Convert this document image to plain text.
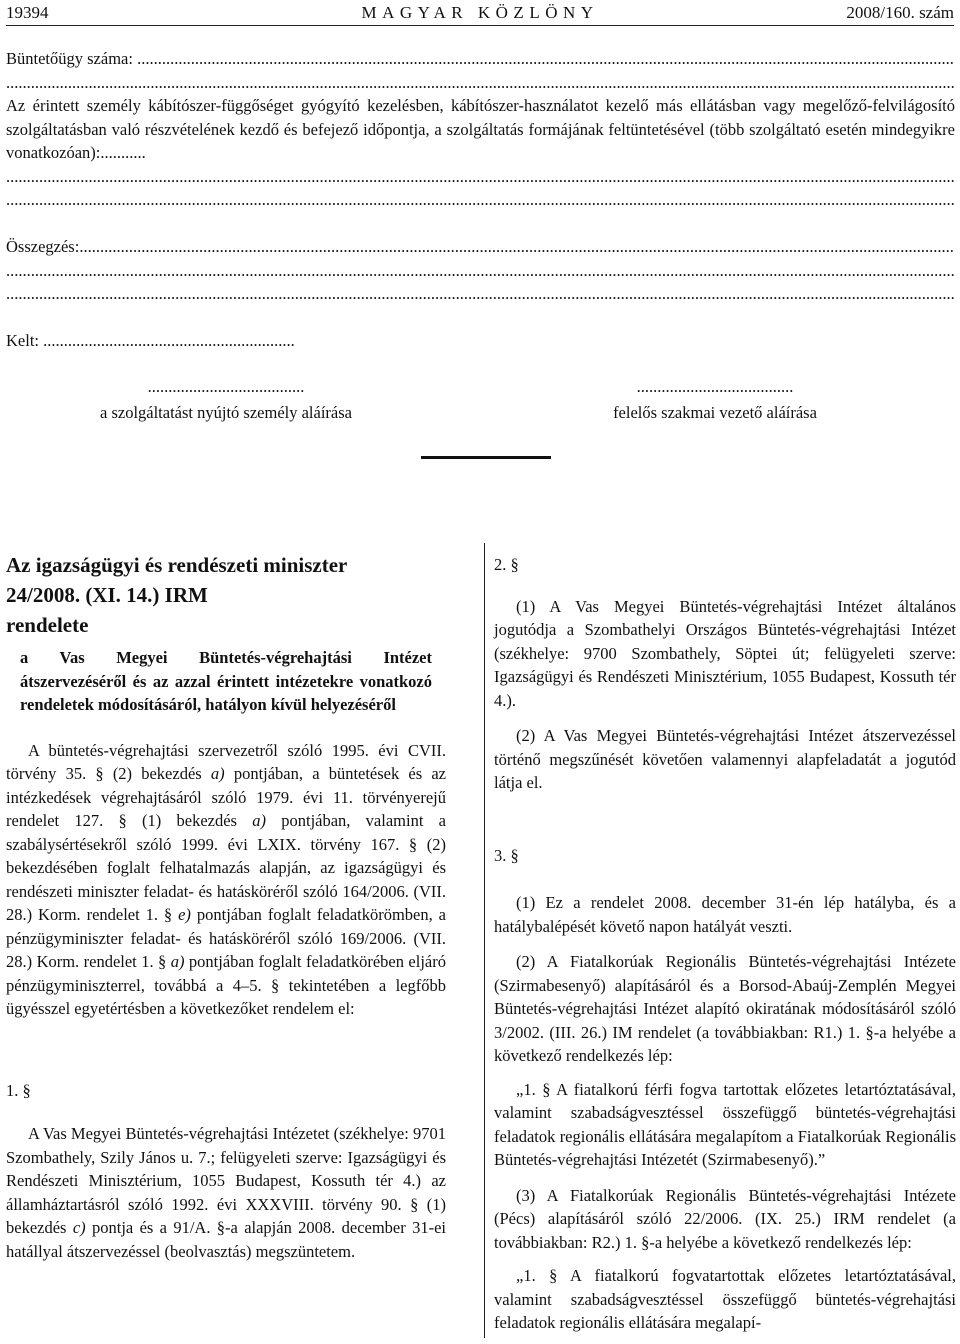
19394	MAGYAR KÖZLÖNY	2008/160. szám
Büntetőügy száma:

.....
.....

Az érintett személy kábítószer-függőséget gyógyító kezelésben, kábítószer-használatot kezelő más ellátásban vagy megelőző-felvilágosító szolgáltatásban való részvételének kezdő és befejező időpontja, a szolgáltatás formájának feltüntetésével (több szolgáltató esetén mindegyikre vonatkozóan):...........

.....
.....
Összegzés:
.....
.....
.....
Kelt:
.............................................................
.....
a szolgáltatást nyújtó személy aláírása
.....	felelős szakmai vezető aláírása

Az igazságügyi és rendészeti miniszter

24/2008. (XI. 14.) IRM

rendelete

a Vas Megyei Büntetés-végrehajtási Intézet átszervezéséről és az azzal érintett intézetekre vonatkozó rendeletek módosításáról, hatályon kívül helyezéséről

A büntetés-végrehajtási szervezetről szóló 1995. évi CVII. törvény 35. § (2) bekezdés a) pontjában, a büntetések és az intézkedések végrehajtásáról szóló 1979. évi 11. törvényerejű rendelet 127. § (1) bekezdés a) pontjában, valamint a szabálysértésekről szóló 1999. évi LXIX. törvény 167. § (2) bekezdésében foglalt felhatalmazás alapján, az igazságügyi és rendészeti miniszter feladat- és hatásköréről szóló 164/2006. (VII. 28.) Korm. rendelet 1. § e) pontjában foglalt feladatkörömben, a pénzügyminiszter feladat- és hatásköréről szóló 169/2006. (VII. 28.) Korm. rendelet 1. § a) pontjában foglalt feladatkörében eljáró pénzügyminiszterrel, továbbá a 4–5. § tekintetében a legfőbb ügyésszel egyetértésben a következőket rendelem el:

1. §

A Vas Megyei Büntetés-végrehajtási Intézetet (székhelye: 9701 Szombathely, Szily János u. 7.; felügyeleti szerve: Igazságügyi és Rendészeti Minisztérium, 1055 Budapest, Kossuth tér 4.) az államháztartásról szóló 1992. évi XXXVIII. törvény 90. § (1) bekezdés c) pontja és a 91/A. §-a alapján 2008. december 31-ei hatállyal átszervezéssel (beolvasztás) megszüntetem.

2. §

(1) A Vas Megyei Büntetés-végrehajtási Intézet általános jogutódja a Szombathelyi Országos Büntetés-végrehajtási Intézet (székhelye: 9700 Szombathely, Söptei út; felügyeleti szerve: Igazságügyi és Rendészeti Minisztérium, 1055 Budapest, Kossuth tér 4.).

(2) A Vas Megyei Büntetés-végrehajtási Intézet átszervezéssel történő megszűnését követően valamennyi alapfeladatát a jogutód látja el.

3. §

(1) Ez a rendelet 2008. december 31-én lép hatályba, és a hatálybalépését követő napon hatályát veszti.

(2) A Fiatalkorúak Regionális Büntetés-végrehajtási Intézete (Szirmabesenyő) alapításáról és a Borsod-Abaúj-Zemplén Megyei Büntetés-végrehajtási Intézet alapító okiratának módosításáról szóló 3/2002. (III. 26.) IM rendelet (a továbbiakban: R1.) 1. §-a helyébe a következő rendelkezés lép:

„1. § A fiatalkorú férfi fogva tartottak előzetes letartóztatásával, valamint szabadságvesztéssel összefüggő büntetés-végrehajtási feladatok regionális ellátására megalapítom a Fiatalkorúak Regionális Büntetés-végrehajtási Intézetét (Szirmabesenyő).”

(3) A Fiatalkorúak Regionális Büntetés-végrehajtási Intézete (Pécs) alapításáról szóló 22/2006. (IX. 25.) IRM rendelet (a továbbiakban: R2.) 1. §-a helyébe a következő rendelkezés lép:

„1. § A fiatalkorú fogvatartottak előzetes letartóztatásával, valamint szabadságvesztéssel összefüggő büntetés-végrehajtási feladatok regionális ellátására megalapí-
